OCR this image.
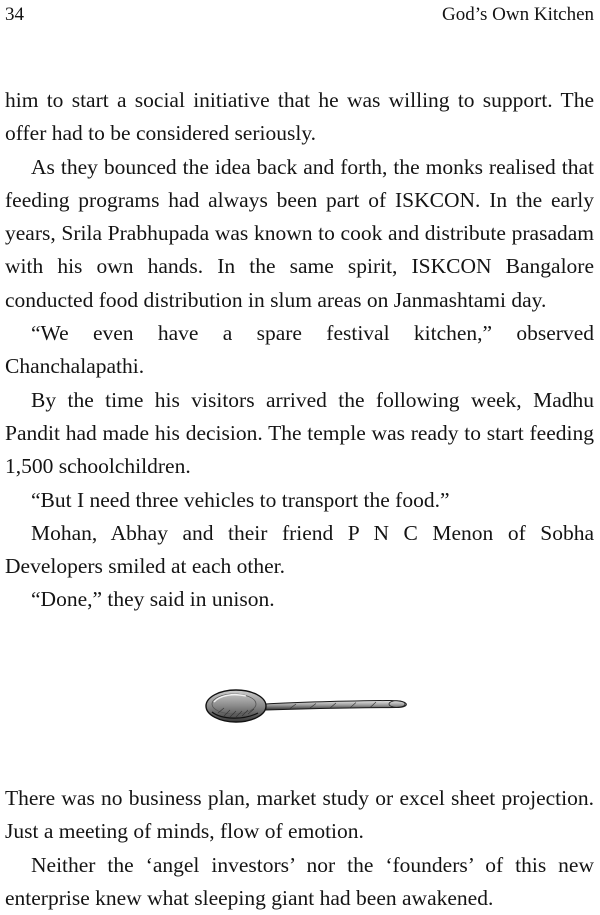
34	God’s Own Kitchen

him to start a social initiative that he was willing to support. The offer had to be considered seriously.

As they bounced the idea back and forth, the monks realised that feeding programs had always been part of ISKCON. In the early years, Srila Prabhupada was known to cook and distribute prasadam with his own hands. In the same spirit, ISKCON Bangalore conducted food distribution in slum areas on Janmashtami day.

“We even have a spare festival kitchen,” observed Chanchalapathi.

By the time his visitors arrived the following week, Madhu Pandit had made his decision. The temple was ready to start feeding 1,500 schoolchildren.

“But I need three vehicles to transport the food.”

Mohan, Abhay and their friend P N C Menon of Sobha Developers smiled at each other.

“Done,” they said in unison.

There was no business plan, market study or excel sheet projection. Just a meeting of minds, flow of emotion.

Neither the ‘angel investors’ nor the ‘founders’ of this new enterprise knew what sleeping giant had been awakened.
